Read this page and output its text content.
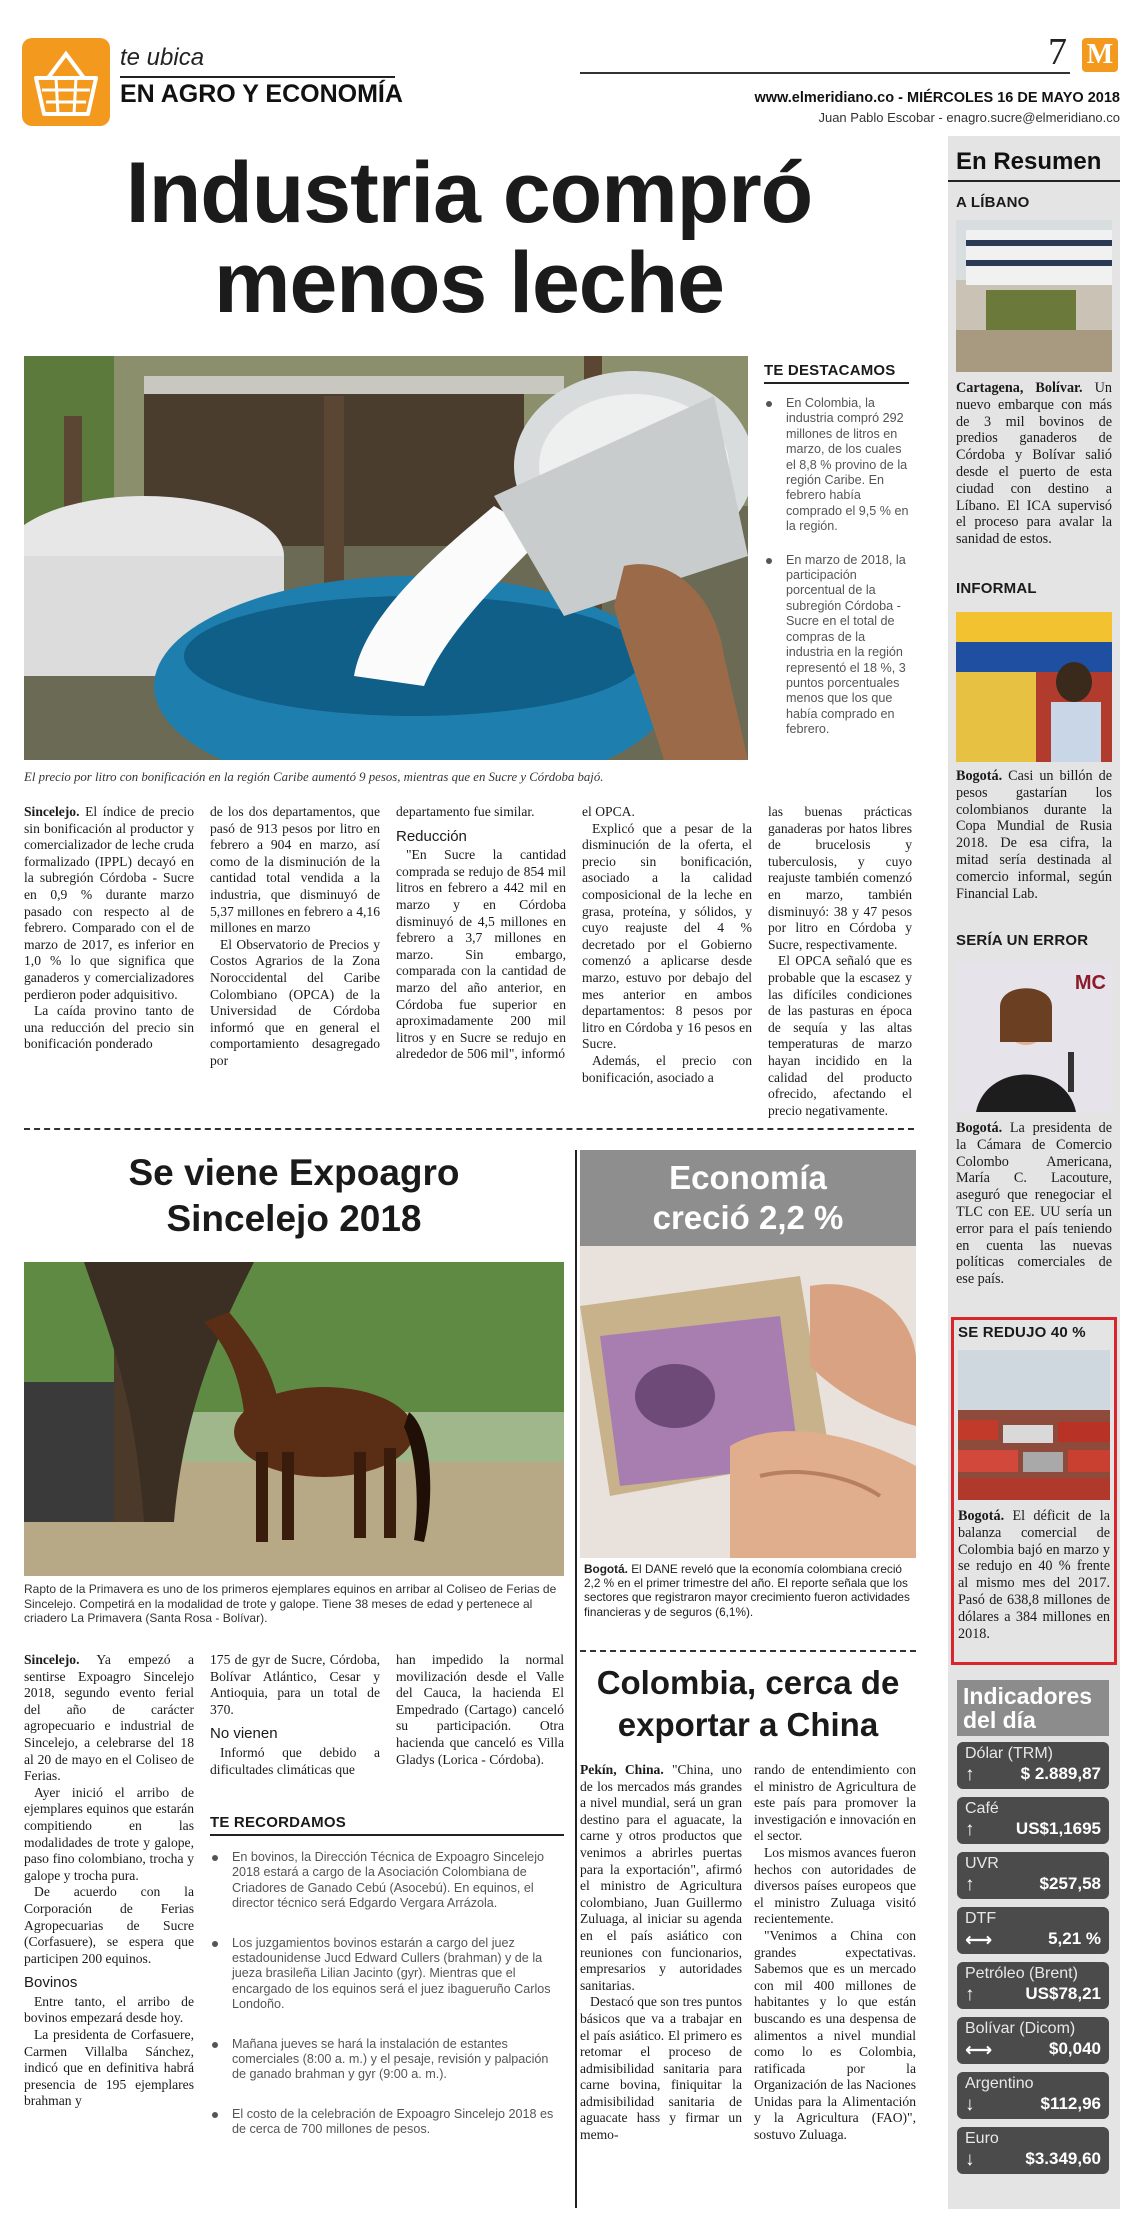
te ubica
EN AGRO Y ECONOMÍA
7 M
www.elmeridiano.co - MIÉRCOLES 16 DE MAYO 2018
Juan Pablo Escobar - enagro.sucre@elmeridiano.co
Industria compró
menos leche
El precio por litro con bonificación en la región Caribe aumentó 9 pesos, mientras que en Sucre y Córdoba bajó.
TE DESTACAMOS
En Colombia, la industria compró 292 millones de litros en marzo, de los cuales el 8,8 % provino de la región Caribe. En febrero había comprado el 9,5 % en la región.
En marzo de 2018, la participación porcentual de la subregión Córdoba - Sucre en el total de compras de la industria en la región representó el 18 %, 3 puntos porcentuales menos que los que había comprado en febrero.

Sincelejo. El índice de precio sin bonificación al productor y comercializador de leche cruda formalizado (IPPL) decayó en la subregión Córdoba - Sucre en 0,9 % durante marzo pasado con respecto al de febrero. Comparado con el de marzo de 2017, es inferior en 1,0 % lo que significa que ganaderos y comercializadores perdieron poder adquisitivo.

La caída provino tanto de una reducción del precio sin bonificación ponderado

de los dos departamentos, que pasó de 913 pesos por litro en febrero a 904 en marzo, así como de la disminución de la cantidad total vendida a la industria, que disminuyó de 5,37 millones en febrero a 4,16 millones en marzo

El Observatorio de Precios y Costos Agrarios de la Zona Noroccidental del Caribe Colombiano (OPCA) de la Universidad de Córdoba informó que en general el comportamiento desagregado por

departamento fue similar.

Reducción

"En Sucre la cantidad comprada se redujo de 854 mil litros en febrero a 442 mil en marzo y en Córdoba disminuyó de 4,5 millones en febrero a 3,7 millones en marzo. Sin embargo, comparada con la cantidad de marzo del año anterior, en Córdoba fue superior en aproximadamente 200 mil litros y en Sucre se redujo en alrededor de 506 mil", informó

el OPCA.

Explicó que a pesar de la disminución de la oferta, el precio sin bonificación, asociado a la calidad composicional de la leche en grasa, proteína, y sólidos, y cuyo reajuste del 4 % decretado por el Gobierno comenzó a aplicarse desde marzo, estuvo por debajo del mes anterior en ambos departamentos: 8 pesos por litro en Córdoba y 16 pesos en Sucre.

Además, el precio con bonificación, asociado a

las buenas prácticas ganaderas por hatos libres de brucelosis y tuberculosis, y cuyo reajuste también comenzó en marzo, también disminuyó: 38 y 47 pesos por litro en Córdoba y Sucre, respectivamente.

El OPCA señaló que es probable que la escasez y las difíciles condiciones de las pasturas en época de sequía y las altas temperaturas de marzo hayan incidido en la calidad del producto ofrecido, afectando el precio negativamente.

Se viene Expoagro
Sincelejo 2018
Rapto de la Primavera es uno de los primeros ejemplares equinos en arribar al Coliseo de Ferias de Sincelejo. Competirá en la modalidad de trote y galope. Tiene 38 meses de edad y pertenece al criadero La Primavera (Santa Rosa - Bolívar).

Sincelejo. Ya empezó a sentirse Expoagro Sincelejo 2018, segundo evento ferial del año de carácter agropecuario e industrial de Sincelejo, a celebrarse del 18 al 20 de mayo en el Coliseo de Ferias.

Ayer inició el arribo de ejemplares equinos que estarán compitiendo en las modalidades de trote y galope, paso fino colombiano, trocha y galope y trocha pura.

De acuerdo con la Corporación de Ferias Agropecuarias de Sucre (Corfasuere), se espera que participen 200 equinos.

Bovinos

Entre tanto, el arribo de bovinos empezará desde hoy.

La presidenta de Corfasuere, Carmen Villalba Sánchez, indicó que en definitiva habrá presencia de 195 ejemplares brahman y

175 de gyr de Sucre, Córdoba, Bolívar Atlántico, Cesar y Antioquia, para un total de 370.

No vienen

Informó que debido a dificultades climáticas que

han impedido la normal movilización desde el Valle del Cauca, la hacienda El Empedrado (Cartago) canceló su participación. Otra hacienda que canceló es Villa Gladys (Lorica - Córdoba).

TE RECORDAMOS
En bovinos, la Dirección Técnica de Expoagro Sincelejo 2018 estará a cargo de la Asociación Colombiana de Criadores de Ganado Cebú (Asocebú). En equinos, el director técnico será Edgardo Vergara Arrázola.
Los juzgamientos bovinos estarán a cargo del juez estadounidense Jucd Edward Cullers (brahman) y de la jueza brasileña Lilian Jacinto (gyr). Mientras que el encargado de los equinos será el juez ibagueruño Carlos Londoño.
Mañana jueves se hará la instalación de estantes comerciales (8:00 a. m.) y el pesaje, revisión y palpación de ganado brahman y gyr (9:00 a. m.).
El costo de la celebración de Expoagro Sincelejo 2018 es de cerca de 700 millones de pesos.
Economía
creció 2,2 %
Bogotá. El DANE reveló que la economía colombiana creció 2,2 % en el primer trimestre del año. El reporte señala que los sectores que registraron mayor crecimiento fueron actividades financieras y de seguros (6,1%).
Colombia, cerca de
exportar a China

Pekín, China. "China, uno de los mercados más grandes a nivel mundial, será un gran destino para el aguacate, la carne y otros productos que venimos a abrirles puertas para la exportación", afirmó el ministro de Agricultura colombiano, Juan Guillermo Zuluaga, al iniciar su agenda en el país asiático con reuniones con funcionarios, empresarios y autoridades sanitarias.

Destacó que son tres puntos básicos que va a trabajar en el país asiático. El primero es retomar el proceso de admisibilidad sanitaria para carne bovina, finiquitar la admisibilidad sanitaria de aguacate hass y firmar un memo-

rando de entendimiento con el ministro de Agricultura de este país para promover la investigación e innovación en el sector.

Los mismos avances fueron hechos con autoridades de diversos países europeos que el ministro Zuluaga visitó recientemente.

"Venimos a China con grandes expectativas. Sabemos que es un mercado con mil 400 millones de habitantes y lo que están buscando es una despensa de alimentos a nivel mundial como lo es Colombia, ratificada por la Organización de las Naciones Unidas para la Alimentación y la Agricultura (FAO)", sostuvo Zuluaga.

En Resumen
A LÍBANO
Cartagena, Bolívar. Un nuevo embarque con más de 3 mil bovinos de predios ganaderos de Córdoba y Bolívar salió desde el puerto de esta ciudad con destino a Líbano. El ICA supervisó el proceso para avalar la sanidad de estos.
INFORMAL
Bogotá. Casi un billón de pesos gastarían los colombianos durante la Copa Mundial de Rusia 2018. De esa cifra, la mitad sería destinada al comercio informal, según Financial Lab.
SERÍA UN ERROR
MC
Bogotá. La presidenta de la Cámara de Comercio Colombo Americana, María C. Lacouture, aseguró que renegociar el TLC con EE. UU sería un error para el país teniendo en cuenta las nuevas políticas comerciales de ese país.
SE REDUJO 40 %
Bogotá. El déficit de la balanza comercial de Colombia bajó en marzo y se redujo en 40 % frente al mismo mes del 2017. Pasó de 638,8 millones de dólares a 384 millones en 2018.
Indicadores
del día
Dólar (TRM)
↑	$ 2.889,87
Café
↑ US$1,1695
UVR
↑	$257,58
DTF
⟷	5,21 %
Petróleo (Brent)
↑	US$78,21
Bolívar (Dicom)
⟷	$0,040
Argentino
↓	$112,96
Euro
↓	$3.349,60
